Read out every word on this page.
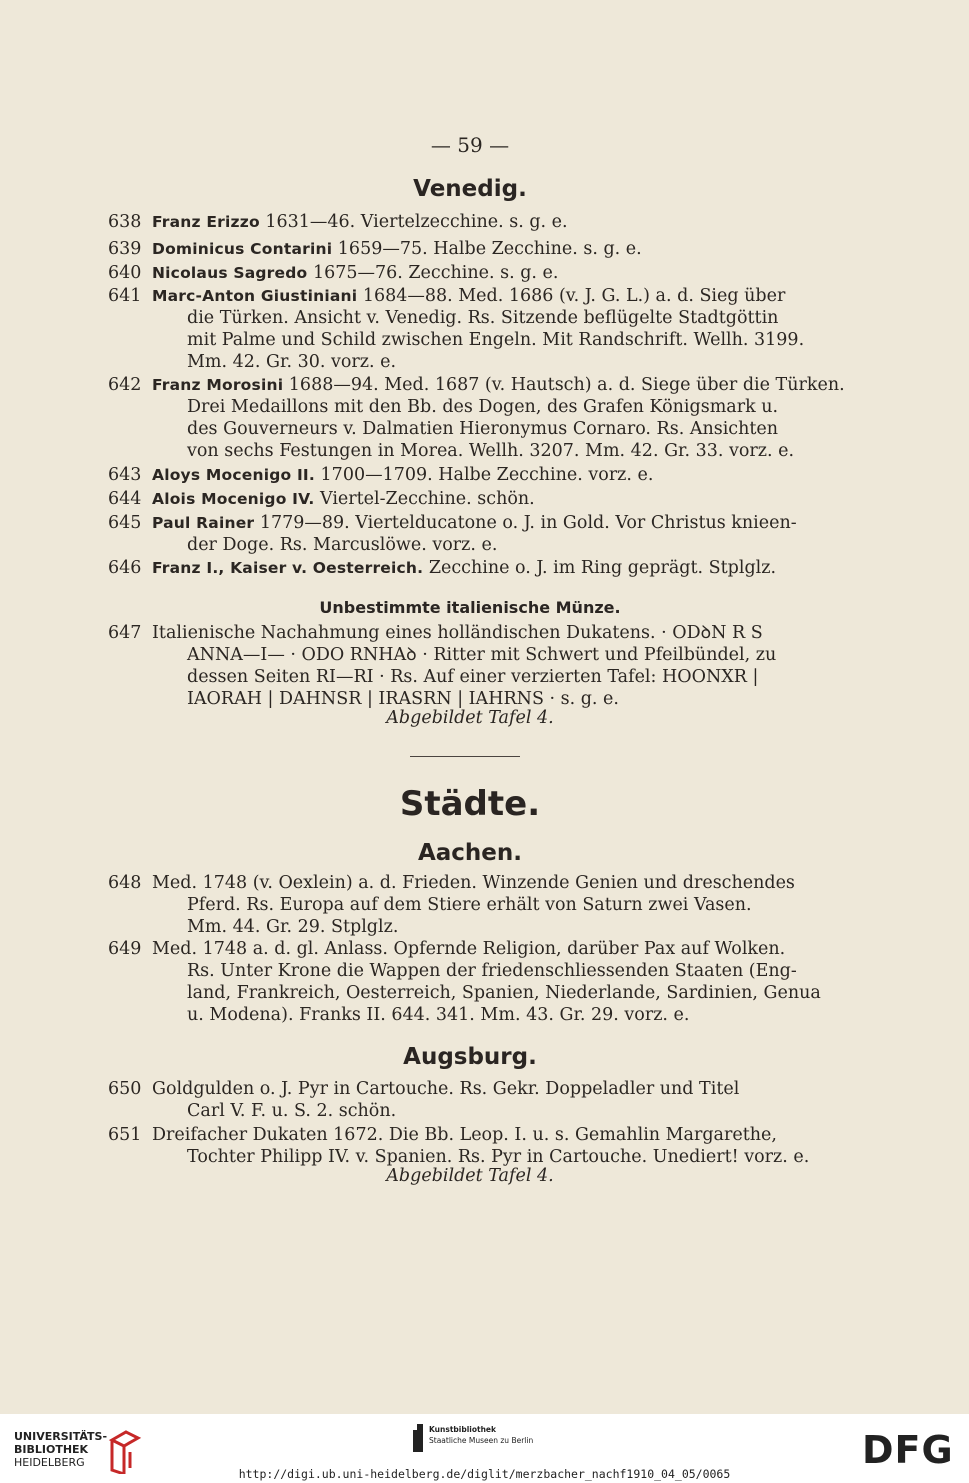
— 59 —
Venedig.
638 Franz Erizzo 1631—46. Viertelzecchine. s. g. e.
639 Dominicus Contarini 1659—75. Halbe Zecchine. s. g. e.
640 Nicolaus Sagredo 1675—76. Zecchine. s. g. e.
641 Marc-Anton Giustiniani 1684—88. Med. 1686 (v. J. G. L.) a. d. Sieg über
die Türken. Ansicht v. Venedig. Rs. Sitzende beflügelte Stadtgöttin
mit Palme und Schild zwischen Engeln. Mit Randschrift. Wellh. 3199.
Mm. 42. Gr. 30. vorz. e.
642 Franz Morosini 1688—94. Med. 1687 (v. Hautsch) a. d. Siege über die Türken.
Drei Medaillons mit den Bb. des Dogen, des Grafen Königsmark u.
des Gouverneurs v. Dalmatien Hieronymus Cornaro. Rs. Ansichten
von sechs Festungen in Morea. Wellh. 3207. Mm. 42. Gr. 33. vorz. e.
643 Aloys Mocenigo II. 1700—1709. Halbe Zecchine. vorz. e.
644 Alois Mocenigo IV. Viertel-Zecchine. schön.
645 Paul Rainer 1779—89. Viertelducatone o. J. in Gold. Vor Christus knieen-
der Doge. Rs. Marcuslöwe. vorz. e.
646 Franz I., Kaiser v. Oesterreich. Zecchine o. J. im Ring geprägt. Stplglz.
Unbestimmte italienische Münze.
647 Italienische Nachahmung eines holländischen Dukatens. · ODꝺN R S
ANNA—I— · ODO RNHAꝺ · Ritter mit Schwert und Pfeilbündel, zu
dessen Seiten RI—RI · Rs. Auf einer verzierten Tafel: HOONXR |
IAORAH | DAHNSR | IRASRN | IAHRNS · s. g. e.
Abgebildet Tafel 4.
Städte.
Aachen.
648 Med. 1748 (v. Oexlein) a. d. Frieden. Winzende Genien und dreschendes
Pferd. Rs. Europa auf dem Stiere erhält von Saturn zwei Vasen.
Mm. 44. Gr. 29. Stplglz.
649 Med. 1748 a. d. gl. Anlass. Opfernde Religion, darüber Pax auf Wolken.
Rs. Unter Krone die Wappen der friedenschliessenden Staaten (Eng-
land, Frankreich, Oesterreich, Spanien, Niederlande, Sardinien, Genua
u. Modena). Franks II. 644. 341. Mm. 43. Gr. 29. vorz. e.
Augsburg.
650 Goldgulden o. J. Pyr in Cartouche. Rs. Gekr. Doppeladler und Titel
Carl V. F. u. S. 2. schön.
651 Dreifacher Dukaten 1672. Die Bb. Leop. I. u. s. Gemahlin Margarethe,
Tochter Philipp IV. v. Spanien. Rs. Pyr in Cartouche. Unediert! vorz. e.
Abgebildet Tafel 4.
UNIVERSITÄTS-
BIBLIOTHEK
HEIDELBERG
Kunstbibliothek
Staatliche Museen zu Berlin	DFG
http://digi.ub.uni-heidelberg.de/diglit/merzbacher_nachf1910_04_05/0065
